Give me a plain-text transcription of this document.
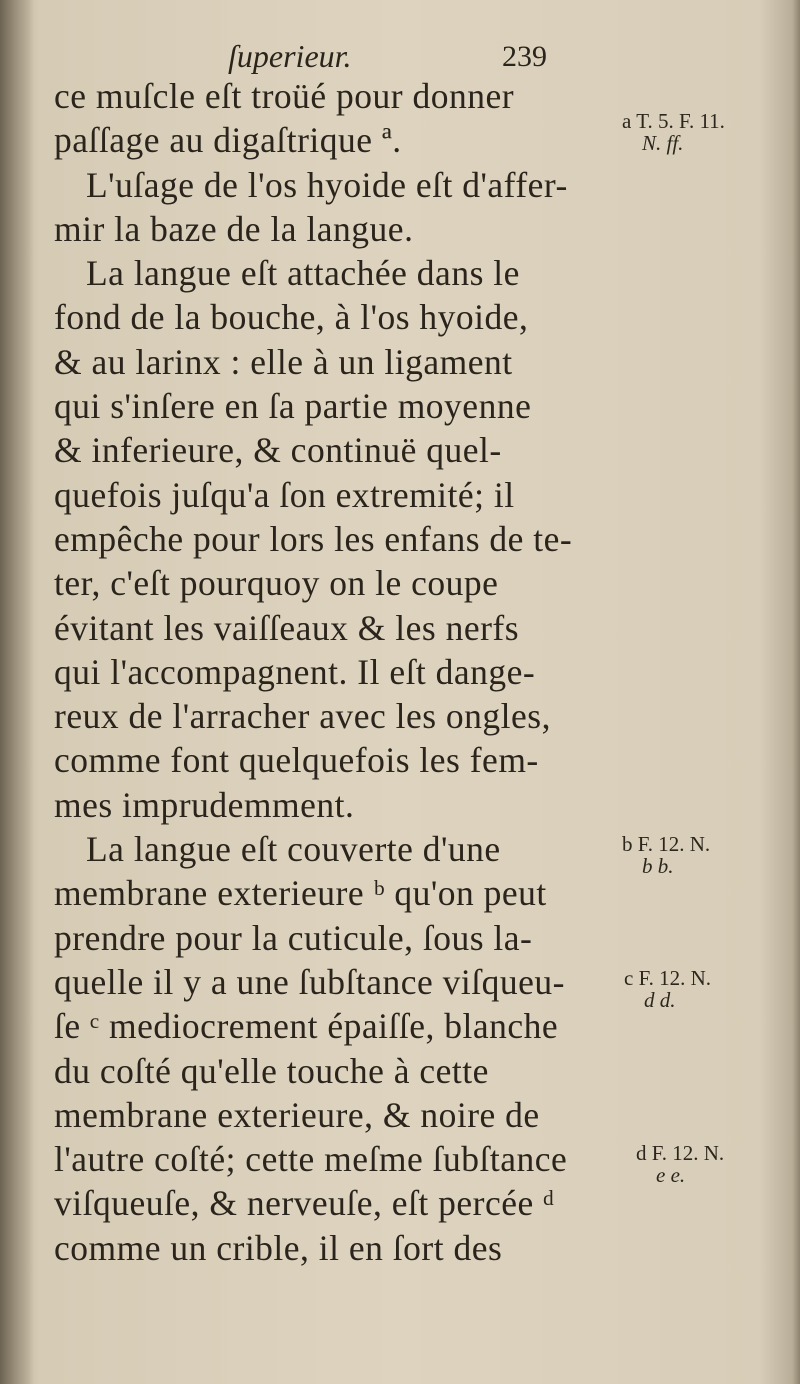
ſuperieur.	239
ce muſcle eſt troüé pour donner
paſſage au digaſtrique ª.
L'uſage de l'os hyoide eſt d'affer-
mir la baze de la langue.
La langue eſt attachée dans le
fond de la bouche, à l'os hyoide,
& au larinx : elle à un ligament
qui s'inſere en ſa partie moyenne
& inferieure, & continuë quel-
quefois juſqu'a ſon extremité; il
empêche pour lors les enfans de te-
ter, c'eſt pourquoy on le coupe
évitant les vaiſſeaux & les nerfs
qui l'accompagnent. Il eſt dange-
reux de l'arracher avec les ongles,
comme font quelquefois les fem-
mes imprudemment.
La langue eſt couverte d'une
membrane exterieure ᵇ qu'on peut
prendre pour la cuticule, ſous la-
quelle il y a une ſubſtance viſqueu-
ſe ᶜ mediocrement épaiſſe, blanche
du coſté qu'elle touche à cette
membrane exterieure, & noire de
l'autre coſté; cette meſme ſubſtance
viſqueuſe, & nerveuſe, eſt percée ᵈ
comme un crible, il en ſort des
a T. 5. F. 11.
N. ff.
b F. 12. N.
b b.
c F. 12. N.
d d.
d F. 12. N.
e e.
